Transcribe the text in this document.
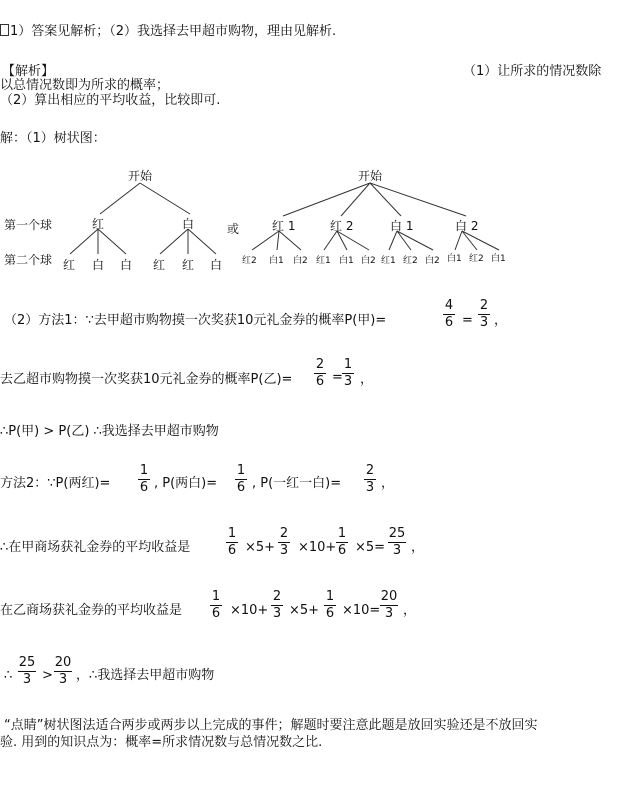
1）答案见解析；（2）我选择去甲超市购物，理由见解析.
【解析】	（1）让所求的情况数除
以总情况数即为所求的概率；
（2）算出相应的平均收益，比较即可.
解：（1）树状图：
开始
第一个球
第二个球
红	白
红 白 白 红 红 白
或
开始
红 1	红 2	白 1	白 2
红2 白1 白2 红1 白1 白2 红1 红2 白2 白1 红2 白1
（2）方法1：∵去甲超市购物摸一次奖获10元礼金券的概率P(甲)=
4
6 =
2
3 ，
去乙超市购物摸一次奖获10元礼金券的概率P(乙)=
2
6 =
1
3 ，
∴P(甲) > P(乙) ∴我选择去甲超市购物
方法2：∵P(两红)=
1
6 , P(两白)=
1
6 , P(一红一白)=
2
3 ，
∴在甲商场获礼金券的平均收益是
1
6 ×5+
2
3 ×10+
1
6 ×5=
25
3 ，
在乙商场获礼金券的平均收益是
1
6 ×10+
2
3 ×5+
1
6 ×10=
20
3 ，
∴
25
3 >
20
3 ，∴我选择去甲超市购物
“点睛”树状图法适合两步或两步以上完成的事件；解题时要注意此题是放回实验还是不放回实
验. 用到的知识点为：概率=所求情况数与总情况数之比.
